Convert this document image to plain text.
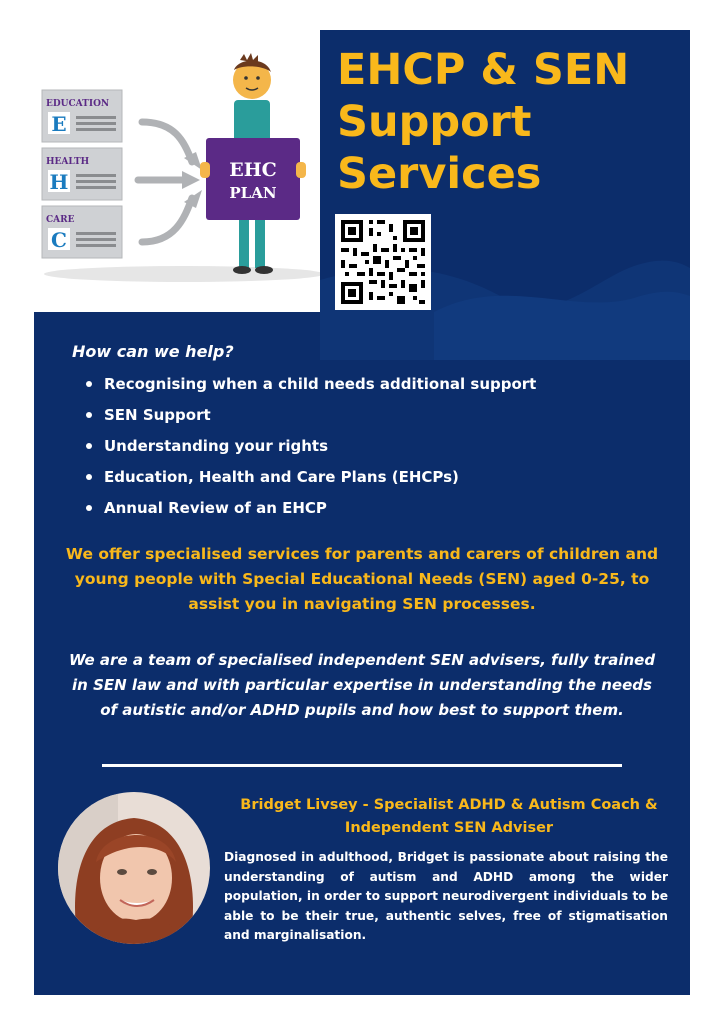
EDUCATION
E
HEALTH
H
CARE
C
EHC
PLAN
EHCP & SEN
Support
Services
How can we help?
Recognising when a child needs additional support
SEN Support
Understanding your rights
Education, Health and Care Plans (EHCPs)
Annual Review of an EHCP
We offer specialised services for parents and carers of children and young people with Special Educational Needs (SEN) aged 0-25, to assist you in navigating SEN processes.
We are a team of specialised independent SEN advisers, fully trained in SEN law and with particular expertise in understanding the needs of autistic and/or ADHD pupils and how best to support them.
Bridget Livsey - Specialist ADHD & Autism Coach & Independent SEN Adviser
Diagnosed in adulthood, Bridget is passionate about raising the understanding of autism and ADHD among the wider population, in order to support neurodivergent individuals to be able to be their true, authentic selves, free of stigmatisation and marginalisation.
